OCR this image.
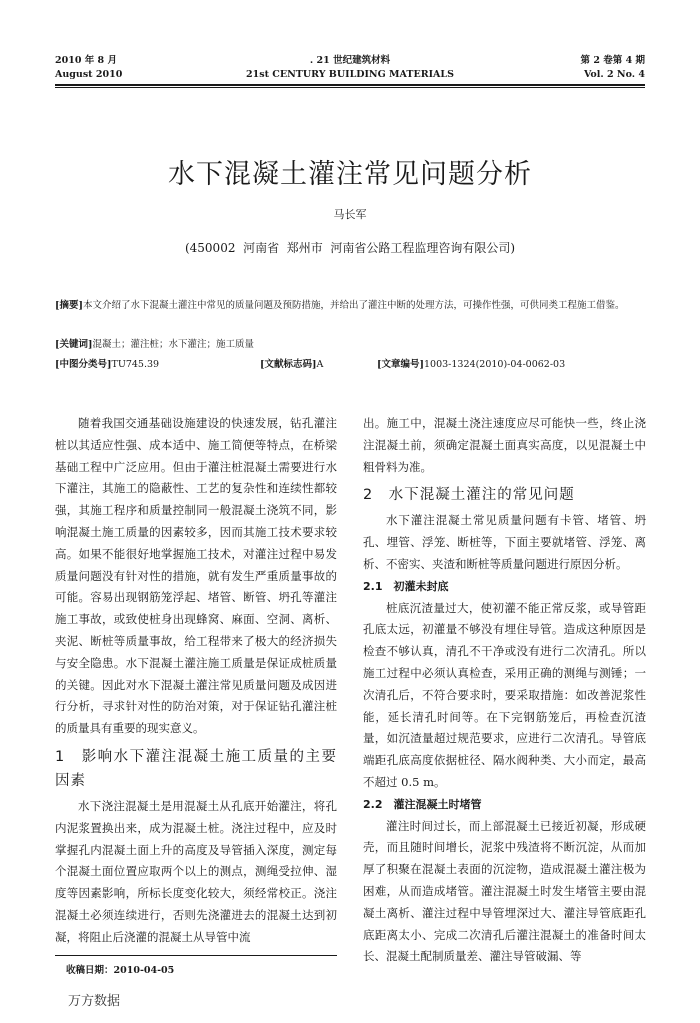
2010 年 8 月
August 2010
. 21 世纪建筑材料
21st CENTURY BUILDING MATERIALS
第 2 卷第 4 期
Vol. 2 No. 4
水下混凝土灌注常见问题分析
马长军
(450002  河南省  郑州市  河南省公路工程监理咨询有限公司)
[摘要]本文介绍了水下混凝土灌注中常见的质量问题及预防措施，并给出了灌注中断的处理方法，可操作性强，可供同类工程施工借鉴。
[关键词]混凝土；灌注桩；水下灌注；施工质量
[中图分类号]TU745.39	[文献标志码]A	[文章编号]1003-1324(2010)-04-0062-03

随着我国交通基础设施建设的快速发展，钻孔灌注桩以其适应性强、成本适中、施工简便等特点，在桥梁基础工程中广泛应用。但由于灌注桩混凝土需要进行水下灌注，其施工的隐蔽性、工艺的复杂性和连续性都较强，其施工程序和质量控制同一般混凝土浇筑不同，影响混凝土施工质量的因素较多，因而其施工技术要求较高。如果不能很好地掌握施工技术，对灌注过程中易发质量问题没有针对性的措施，就有发生严重质量事故的可能。容易出现钢筋笼浮起、堵管、断管、坍孔等灌注施工事故，或致使桩身出现蜂窝、麻面、空洞、离析、夹泥、断桩等质量事故，给工程带来了极大的经济损失与安全隐患。水下混凝土灌注施工质量是保证成桩质量的关键。因此对水下混凝土灌注常见质量问题及成因进行分析，寻求针对性的防治对策，对于保证钻孔灌注桩的质量具有重要的现实意义。

1　影响水下灌注混凝土施工质量的主要因素

水下浇注混凝土是用混凝土从孔底开始灌注，将孔内泥浆置换出来，成为混凝土桩。浇注过程中，应及时掌握孔内混凝土面上升的高度及导管插入深度，测定每个混凝土面位置应取两个以上的测点，测绳受拉伸、湿度等因素影响，所标长度变化较大，须经常校正。浇注混凝土必须连续进行，否则先浇灌进去的混凝土达到初凝，将阻止后浇灌的混凝土从导管中流

收稿日期：2010-04-05

出。施工中，混凝土浇注速度应尽可能快一些，终止浇注混凝土前，须确定混凝土面真实高度，以见混凝土中粗骨料为准。

2　水下混凝土灌注的常见问题

水下灌注混凝土常见质量问题有卡管、堵管、坍孔、埋管、浮笼、断桩等，下面主要就堵管、浮笼、离析、不密实、夹渣和断桩等质量问题进行原因分析。

2.1　初灌未封底

桩底沉渣量过大，使初灌不能正常反浆，或导管距孔底太远，初灌量不够没有埋住导管。造成这种原因是检查不够认真，清孔不干净或没有进行二次清孔。所以施工过程中必须认真检查，采用正确的测绳与测锤；一次清孔后，不符合要求时，要采取措施：如改善泥浆性能，延长清孔时间等。在下完钢筋笼后，再检查沉渣量，如沉渣量超过规范要求，应进行二次清孔。导管底端距孔底高度依据桩径、隔水阀种类、大小而定，最高不超过 0.5 m。

2.2　灌注混凝土时堵管

灌注时间过长，而上部混凝土已接近初凝，形成硬壳，而且随时间增长，泥浆中残渣将不断沉淀，从而加厚了积聚在混凝土表面的沉淀物，造成混凝土灌注极为困难，从而造成堵管。灌注混凝土时发生堵管主要由混凝土离析、灌注过程中导管埋深过大、灌注导管底距孔底距离太小、完成二次清孔后灌注混凝土的准备时间太长、混凝土配制质量差、灌注导管破漏、等

万方数据
